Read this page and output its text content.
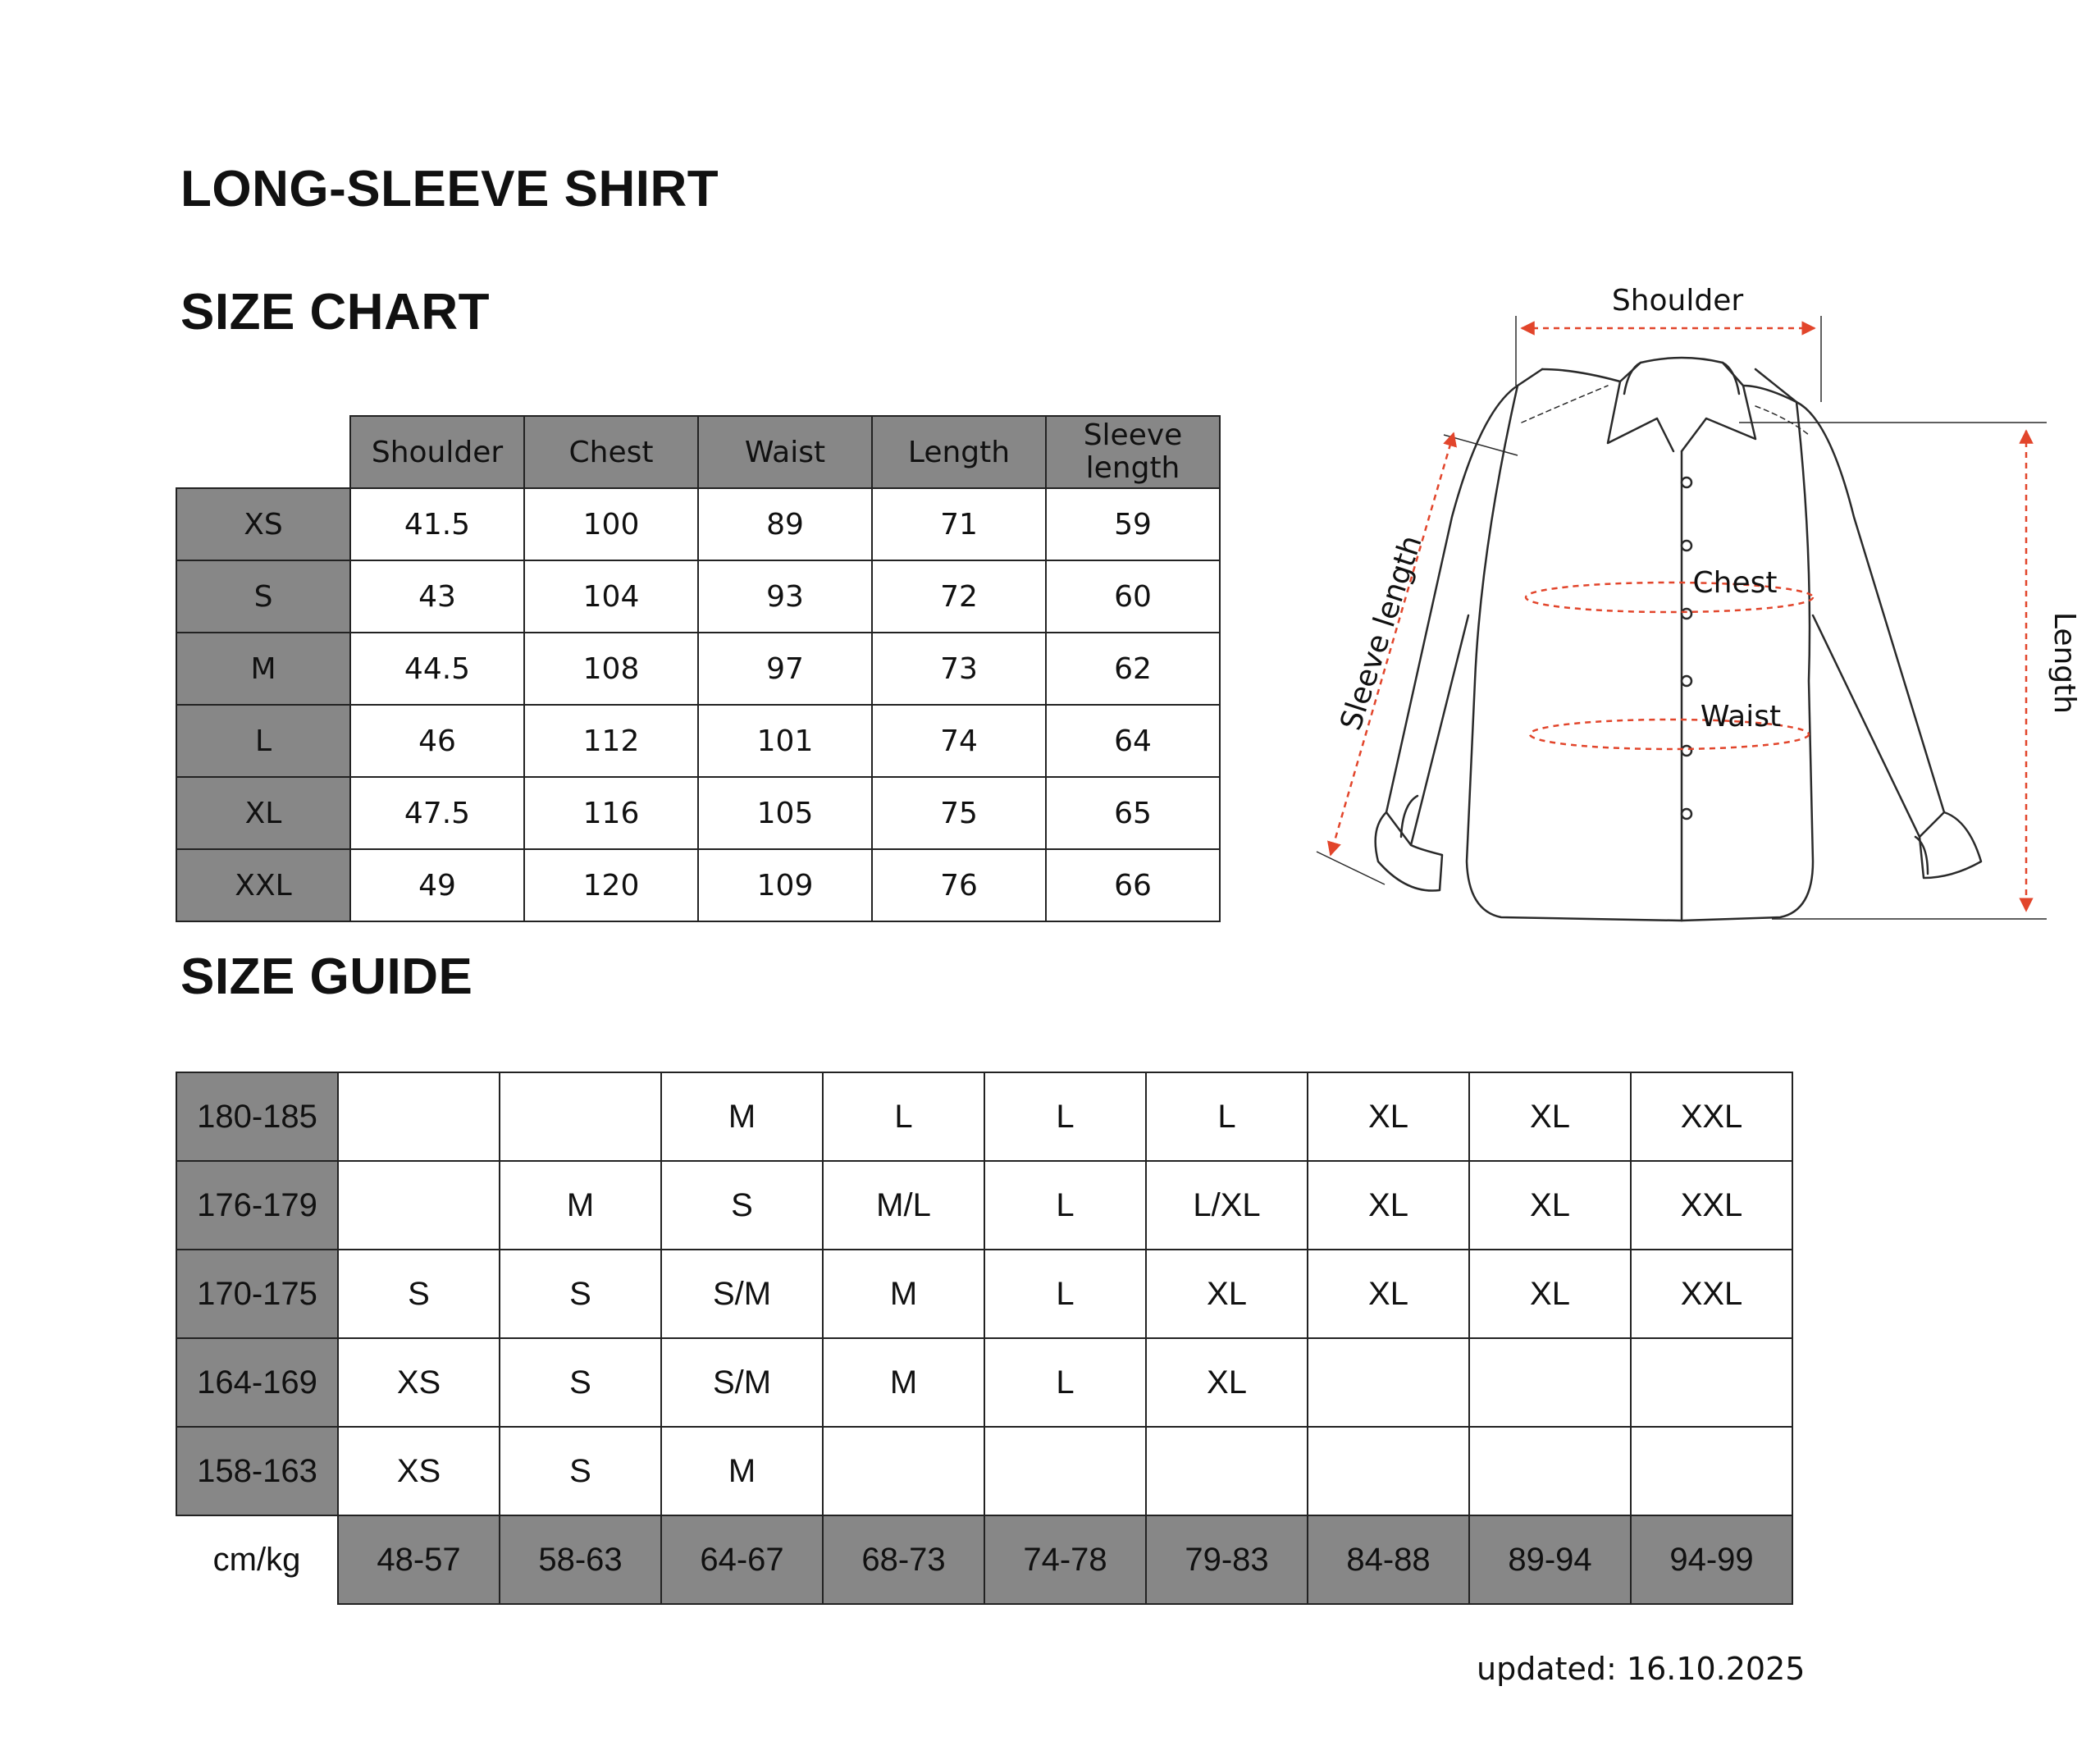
LONG-SLEEVE SHIRT
SIZE CHART
	Shoulder	Chest	Waist	Length	Sleeve length
XS	41.5	100	89	71	59
S	43	104	93	72	60
M	44.5	108	97	73	62
L	46	112	101	74	64
XL	47.5	116	105	75	65
XXL	49	120	109	76	66
SIZE GUIDE
180-185			M	L	L	L	XL	XL	XXL
176-179		M	S	M/L	L	L/XL	XL	XL	XXL
170-175	S	S	S/M	M	L	XL	XL	XL	XXL
164-169	XS	S	S/M	M	L	XL			
158-163	XS	S	M						
cm/kg	48-57	58-63	64-67	68-73	74-78	79-83	84-88	89-94	94-99
Shoulder
Chest
Waist
Sleeve length	Length
updated: 16.10.2025
